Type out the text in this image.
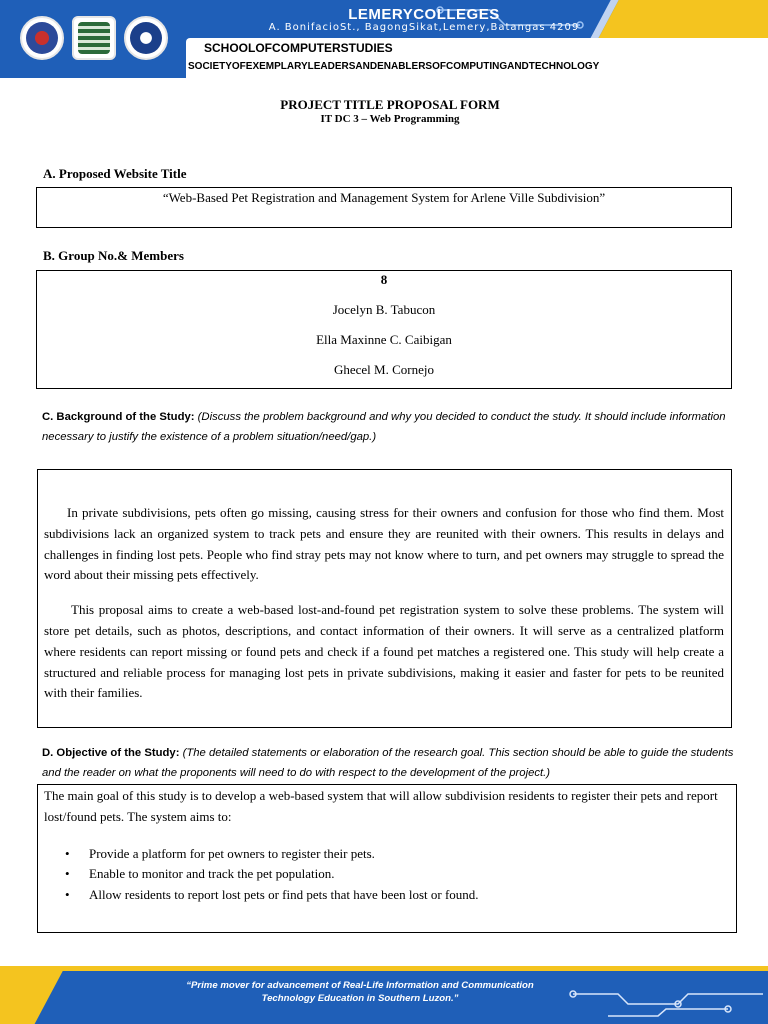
LEMERYCOLLEGES
A. BonifacioSt., BagongSikat,Lemery,Batangas 4209
SCHOOLOFCOMPUTERSTUDIES
SOCIETYOFEXEMPLARYLEADERSANDENABLERSOFCOMPUTINGANDTECHNOLOGY
PROJECT TITLE PROPOSAL FORM
IT DC 3 – Web Programming
A. Proposed Website Title

“Web-Based Pet Registration and Management System for Arlene Ville Subdivision”

B. Group No.& Members
8
Jocelyn B. Tabucon
Ella Maxinne C. Caibigan
Ghecel M. Cornejo
C. Background of the Study: (Discuss the problem background and why you decided to conduct the study. It should include information necessary to justify the existence of a problem situation/need/gap.)

In private subdivisions, pets often go missing, causing stress for their owners and confusion for those who find them. Most subdivisions lack an organized system to track pets and ensure they are reunited with their owners. This results in delays and challenges in finding lost pets. People who find stray pets may not know where to turn, and pet owners may struggle to spread the word about their missing pets effectively.

This proposal aims to create a web-based lost-and-found pet registration system to solve these problems. The system will store pet details, such as photos, descriptions, and contact information of their owners. It will serve as a centralized platform where residents can report missing or found pets and check if a found pet matches a registered one. This study will help create a structured and reliable process for managing lost pets in private subdivisions, making it easier and faster for pets to be reunited with their families.

D. Objective of the Study: (The detailed statements or elaboration of the research goal. This section should be able to guide the students and the reader on what the proponents will need to do with respect to the development of the project.)

The main goal of this study is to develop a web-based system that will allow subdivision residents to register their pets and report lost/found pets. The system aims to:

• Provide a platform for pet owners to register their pets.
• Enable to monitor and track the pet population.
• Allow residents to report lost pets or find pets that have been lost or found.
“Prime mover for advancement of Real-Life Information and Communication
Technology Education in Southern Luzon.”
